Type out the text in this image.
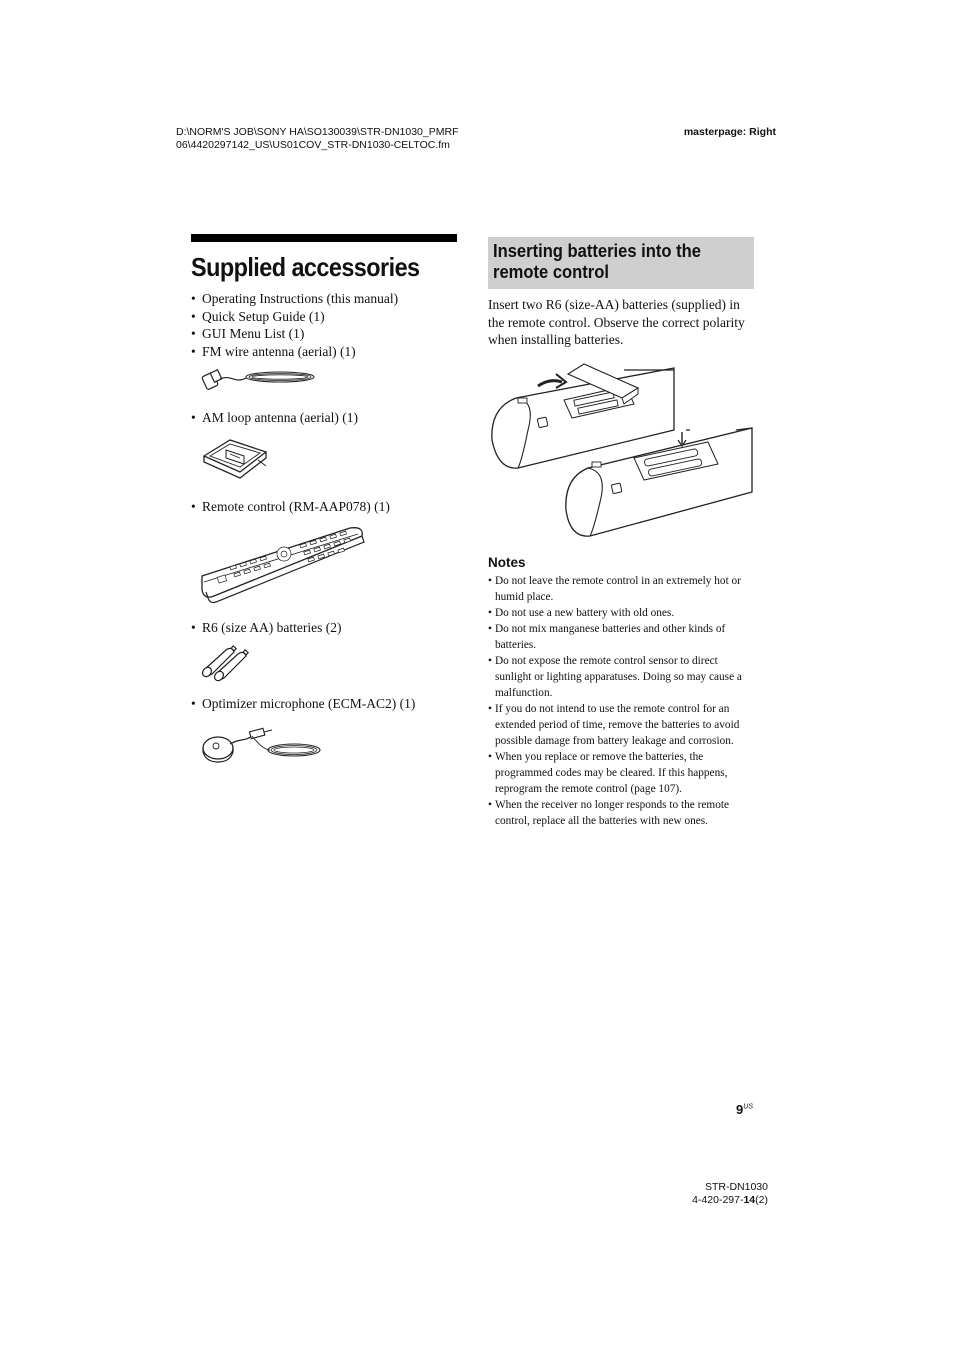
D:\NORM'S JOB\SONY HA\SO130039\STR-DN1030_PMRF
06\4420297142_US\US01COV_STR-DN1030-CELTOC.fm
masterpage: Right
Supplied accessories
• Operating Instructions (this manual)
• Quick Setup Guide (1)
• GUI Menu List (1)
• FM wire antenna (aerial) (1)
• AM loop antenna (aerial) (1)
• Remote control (RM-AAP078) (1)
• R6 (size AA) batteries (2)
• Optimizer microphone (ECM-AC2) (1)
Inserting batteries into the remote control
Insert two R6 (size-AA) batteries (supplied) in the remote control. Observe the correct polarity when installing batteries.
Notes
• Do not leave the remote control in an extremely hot or humid place.
• Do not use a new battery with old ones.
• Do not mix manganese batteries and other kinds of batteries.
• Do not expose the remote control sensor to direct sunlight or lighting apparatuses. Doing so may cause a malfunction.
• If you do not intend to use the remote control for an extended period of time, remove the batteries to avoid possible damage from battery leakage and corrosion.
• When you replace or remove the batteries, the programmed codes may be cleared. If this happens, reprogram the remote control (page 107).
• When the receiver no longer responds to the remote control, replace all the batteries with new ones.
$9^{US}$
STR-DN1030
4-420-297-14(2)
